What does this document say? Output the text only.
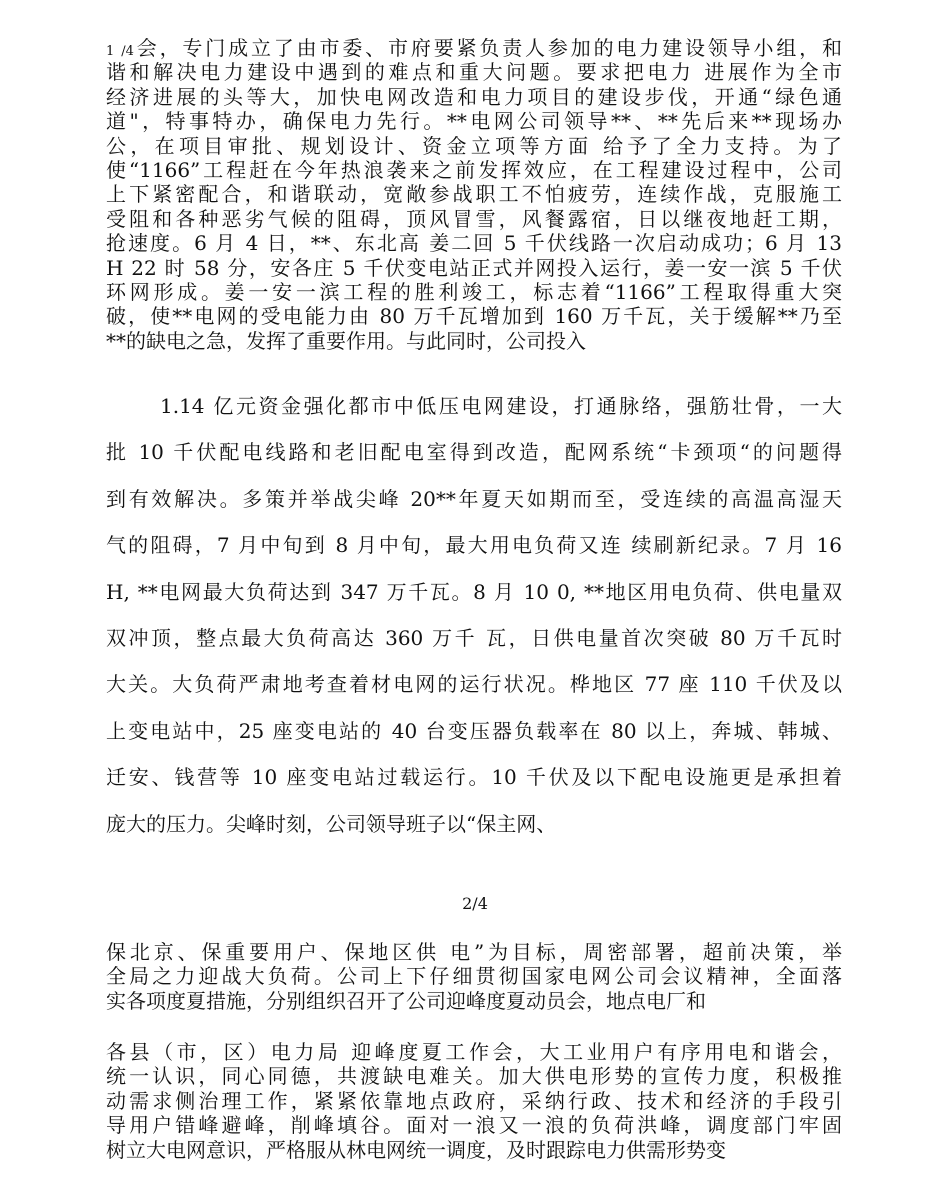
1 /4会，专门成立了由市委、市府要紧负责人参加的电力建设领导小组，和
谐和解决电力建设中遇到的难点和重大问题。要求把电力 进展作为全市
经济进展的头等大，加快电网改造和电力项目的建设步伐，开通“绿色通
道"，特事特办，确保电力先行。**电网公司领导**、**先后来**现场办
公，在项目审批、规划设计、资金立项等方面 给予了全力支持。为了
使“1166”工程赶在今年热浪袭来之前发挥效应，在工程建设过程中，公司
上下紧密配合，和谐联动，宽敞参战职工不怕疲劳，连续作战，克服施工
受阻和各种恶劣气候的阻碍，顶风冒雪，风餐露宿，日以继夜地赶工期，
抢速度。6 月 4 日，**、东北高 姜二回 5 千伏线路一次启动成功；6 月 13
H 22 时 58 分，安各庄 5 千伏变电站正式并网投入运行，姜一安一滨 5 千伏
环网形成。姜一安一滨工程的胜利竣工，标志着“1166”工程取得重大突
破，使**电网的受电能力由 80 万千瓦增加到 160 万千瓦，关于缓解**乃至
**的缺电之急，发挥了重要作用。与此同时，公司投入
1.14 亿元资金强化都市中低压电网建设，打通脉络，强筋壮骨，一大
批 10 千伏配电线路和老旧配电室得到改造，配网系统“卡颈项“的问题得
到有效解决。多策并举战尖峰 20**年夏天如期而至，受连续的高温高湿天
气的阻碍，7 月中旬到 8 月中旬，最大用电负荷又连 续刷新纪录。7 月 16
H, **电网最大负荷达到 347 万千瓦。8 月 10 0, **地区用电负荷、供电量双
双冲顶，整点最大负荷高达 360 万千 瓦，日供电量首次突破 80 万千瓦时
大关。大负荷严肃地考查着材电网的运行状况。桦地区 77 座 110 千伏及以
上变电站中，25 座变电站的 40 台变压器负载率在 80 以上，奔城、韩城、
迁安、钱营等 10 座变电站过载运行。10 千伏及以下配电设施更是承担着
庞大的压力。尖峰时刻，公司领导班子以“保主网、
2/4
保北京、保重要用户、保地区供 电”为目标，周密部署，超前决策，举
全局之力迎战大负荷。公司上下仔细贯彻国家电网公司会议精神，全面落
实各项度夏措施，分别组织召开了公司迎峰度夏动员会，地点电厂和
各县（市，区）电力局 迎峰度夏工作会，大工业用户有序用电和谐会，
统一认识，同心同德，共渡缺电难关。加大供电形势的宣传力度，积极推
动需求侧治理工作，紧紧依靠地点政府，采纳行政、技术和经济的手段引
导用户错峰避峰，削峰填谷。面对一浪又一浪的负荷洪峰，调度部门牢固
树立大电网意识，严格服从林电网统一调度，及时跟踪电力供需形势变
